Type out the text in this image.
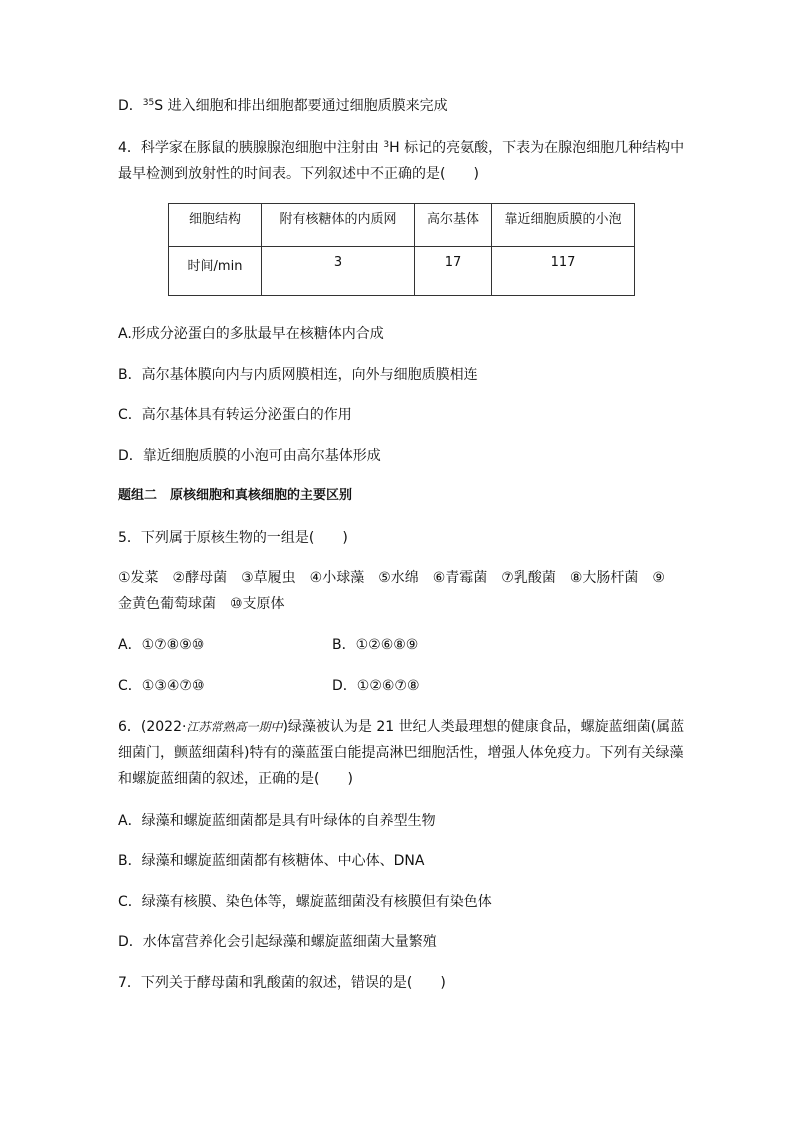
D．$^{35}$S 进入细胞和排出细胞都要通过细胞质膜来完成
4．科学家在豚鼠的胰腺腺泡细胞中注射由 $^3$H 标记的亮氨酸，下表为在腺泡细胞几种结构中
最早检测到放射性的时间表。下列叙述中不正确的是(　　)
细胞结构	附有核糖体的内质网	高尔基体	靠近细胞质膜的小泡
时间/min	3	17	117
A.形成分泌蛋白的多肽最早在核糖体内合成
B．高尔基体膜向内与内质网膜相连，向外与细胞质膜相连
C．高尔基体具有转运分泌蛋白的作用
D．靠近细胞质膜的小泡可由高尔基体形成
题组二　原核细胞和真核细胞的主要区别
5．下列属于原核生物的一组是(　　)
①发菜　②酵母菌　③草履虫　④小球藻　⑤水绵　⑥青霉菌　⑦乳酸菌　⑧大肠杆菌　⑨
金黄色葡萄球菌　⑩支原体
A．①⑦⑧⑨⑩	B．①②⑥⑧⑨
C．①③④⑦⑩	D．①②⑥⑦⑧
6．(2022·江苏常熟高一期中)绿藻被认为是 21 世纪人类最理想的健康食品，螺旋蓝细菌(属蓝
细菌门，颤蓝细菌科)特有的藻蓝蛋白能提高淋巴细胞活性，增强人体免疫力。下列有关绿藻
和螺旋蓝细菌的叙述，正确的是(　　)
A．绿藻和螺旋蓝细菌都是具有叶绿体的自养型生物
B．绿藻和螺旋蓝细菌都有核糖体、中心体、DNA
C．绿藻有核膜、染色体等，螺旋蓝细菌没有核膜但有染色体
D．水体富营养化会引起绿藻和螺旋蓝细菌大量繁殖
7．下列关于酵母菌和乳酸菌的叙述，错误的是(　　)
